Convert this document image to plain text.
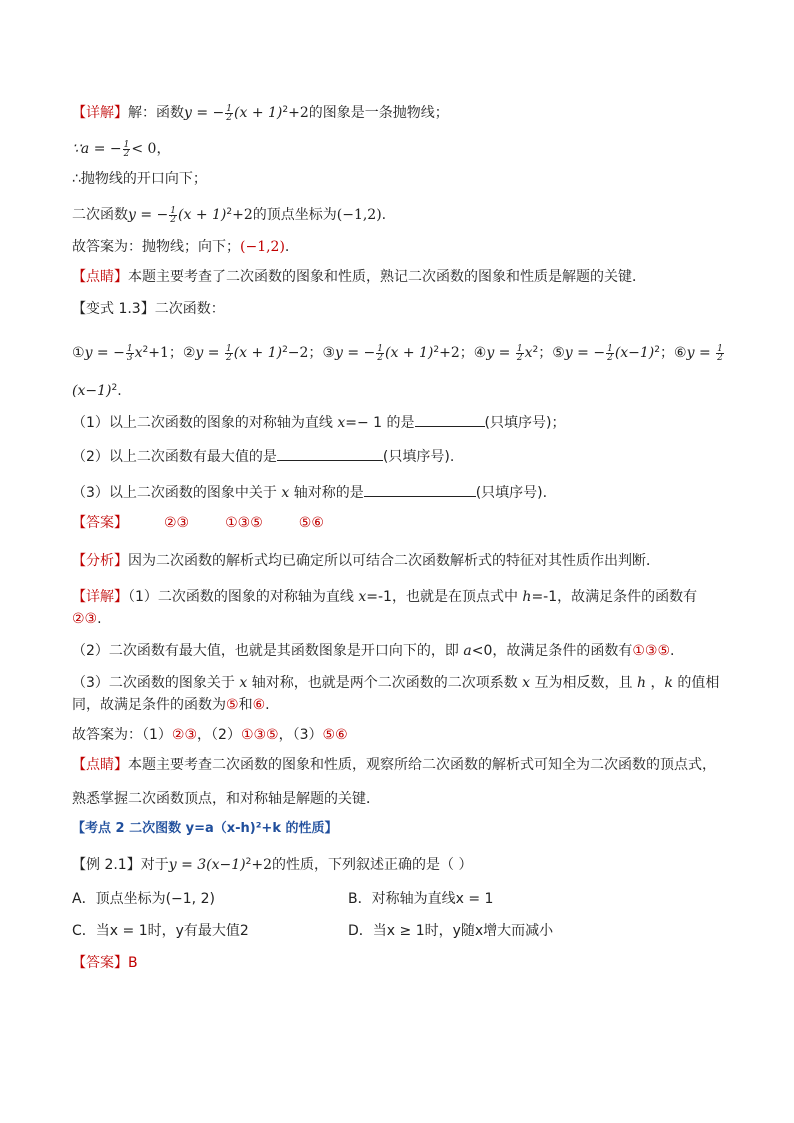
【详解】解：函数y = − $\frac{1}{2} (x + 1)^2+2$的图象是一条抛物线；
∵a = − $\frac{1}{2} < 0$，
∴抛物线的开口向下；
二次函数y = − $\frac{1}{2} (x + 1)^2+2$的顶点坐标为(−1,2).
故答案为：抛物线；向下；(−1,2).
【点睛】本题主要考查了二次函数的图象和性质，熟记二次函数的图象和性质是解题的关键．
【变式 1.3】二次函数：
①y = − $\frac{1}{3} x^2+1$；②y = $\frac{1}{2} (x + 1)^2-2$；③y = − $\frac{1}{2} (x + 1)^2+2$；④y = $\frac{1}{2} x^2$；⑤y = − $\frac{1}{2} (x-1)^2$；⑥y = $\frac{1}{2}$
$(x-1)^2$.
（1）以上二次函数的图象的对称轴为直线 x=− 1 的是	(只填序号)；
（2）以上二次函数有最大值的是	(只填序号).
（3）以上二次函数的图象中关于 x 轴对称的是	(只填序号).
【答案】	②③	①③⑤	⑤⑥
【分析】因为二次函数的解析式均已确定所以可结合二次函数解析式的特征对其性质作出判断．
【详解】（1）二次函数的图象的对称轴为直线 x=-1，也就是在顶点式中 h=-1，故满足条件的函数有
②③.
（2）二次函数有最大值，也就是其函数图象是开口向下的，即 a<0，故满足条件的函数有①③⑤.
（3）二次函数的图象关于 x 轴对称，也就是两个二次函数的二次项系数 x 互为相反数，且 h ，k 的值相
同，故满足条件的函数为⑤和⑥.
故答案为：（1）②③，（2）①③⑤，（3）⑤⑥
【点睛】本题主要考查二次函数的图象和性质，观察所给二次函数的解析式可知全为二次函数的顶点式，
熟悉掌握二次函数顶点，和对称轴是解题的关键．
【考点 2 二次图数 y=a（x-h)²+k 的性质】
【例 2.1】对于$y = 3(x-1)^2+2$的性质，下列叙述正确的是（ ）
A．顶点坐标为(−1, 2)	B．对称轴为直线x = 1
C．当x = 1时，y有最大值2	D．当x ≥ 1时，y随x增大而减小
【答案】B
